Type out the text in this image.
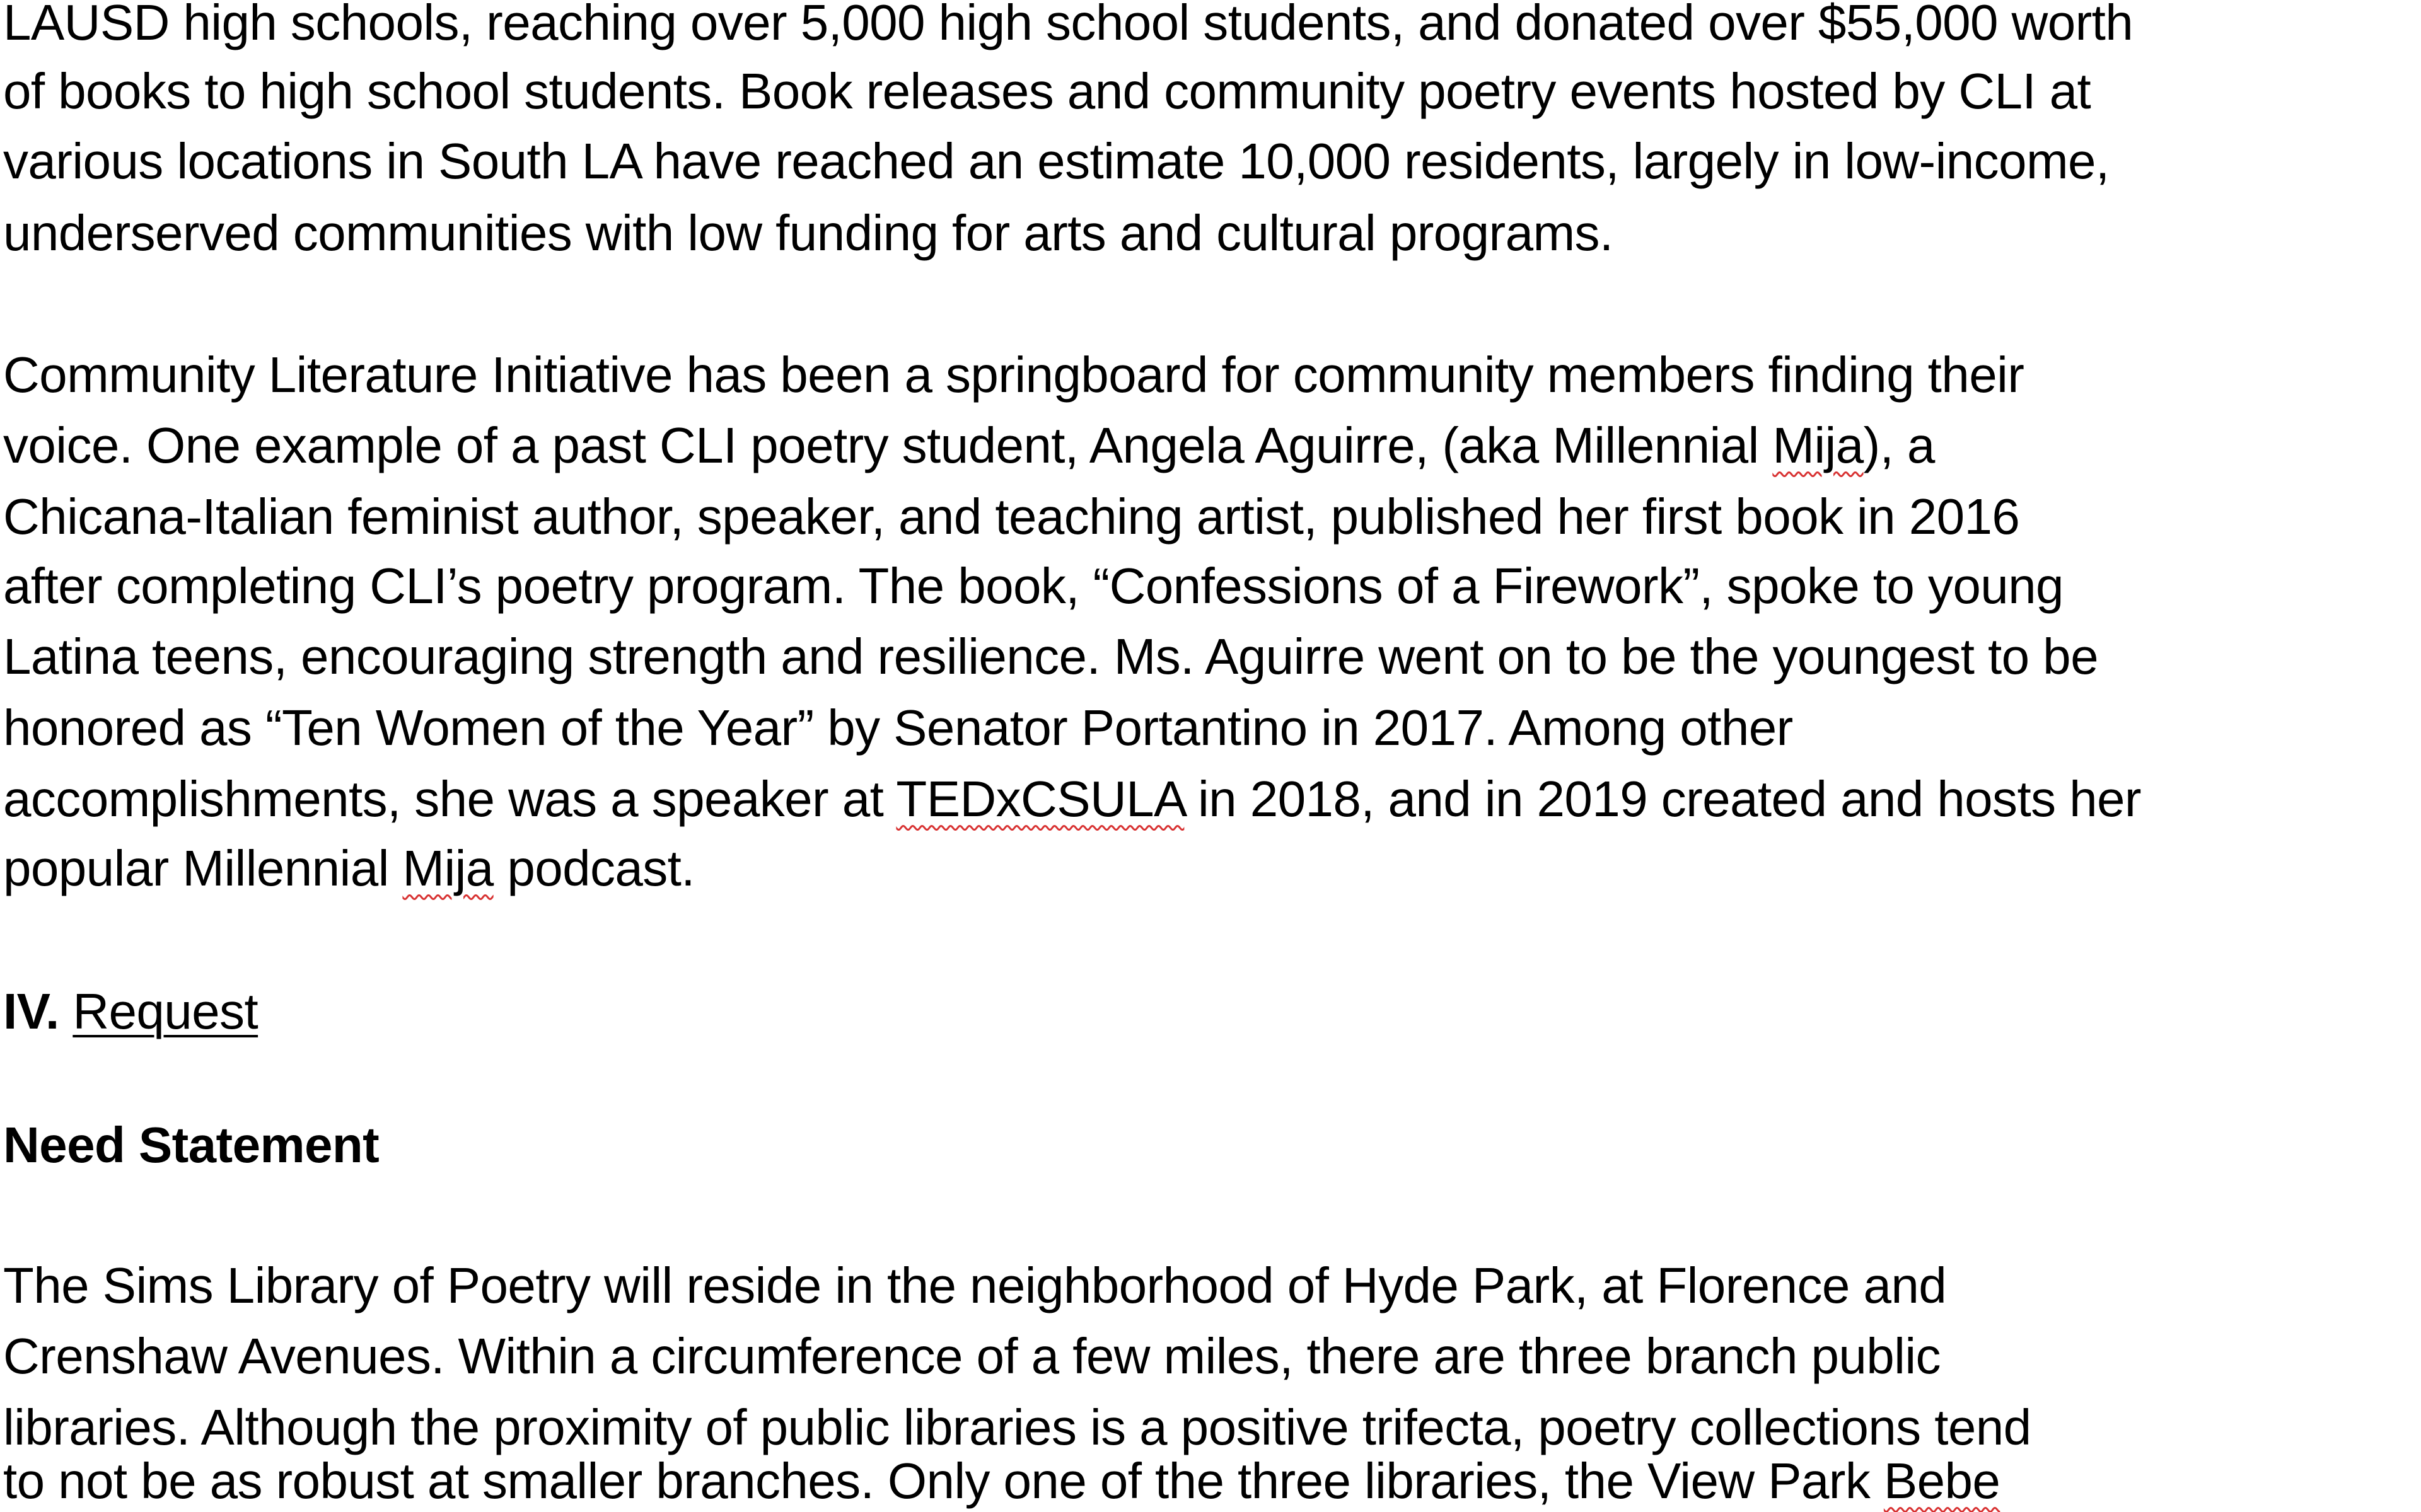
LAUSD high schools, reaching over 5,000 high school students, and donated over $55,000 worth
of books to high school students. Book releases and community poetry events hosted by CLI at
various locations in South LA have reached an estimate 10,000 residents, largely in low-income,
underserved communities with low funding for arts and cultural programs.
Community Literature Initiative has been a springboard for community members finding their
voice. One example of a past CLI poetry student, Angela Aguirre, (aka Millennial Mija), a
Chicana-Italian feminist author, speaker, and teaching artist, published her first book in 2016
after completing CLI’s poetry program. The book, “Confessions of a Firework”, spoke to young
Latina teens, encouraging strength and resilience. Ms. Aguirre went on to be the youngest to be
honored as “Ten Women of the Year” by Senator Portantino in 2017. Among other
accomplishments, she was a speaker at TEDxCSULA in 2018, and in 2019 created and hosts her
popular Millennial Mija podcast.
IV. Request
Need Statement
The Sims Library of Poetry will reside in the neighborhood of Hyde Park, at Florence and
Crenshaw Avenues. Within a circumference of a few miles, there are three branch public
libraries. Although the proximity of public libraries is a positive trifecta, poetry collections tend
to not be as robust at smaller branches. Only one of the three libraries, the View Park Bebe
